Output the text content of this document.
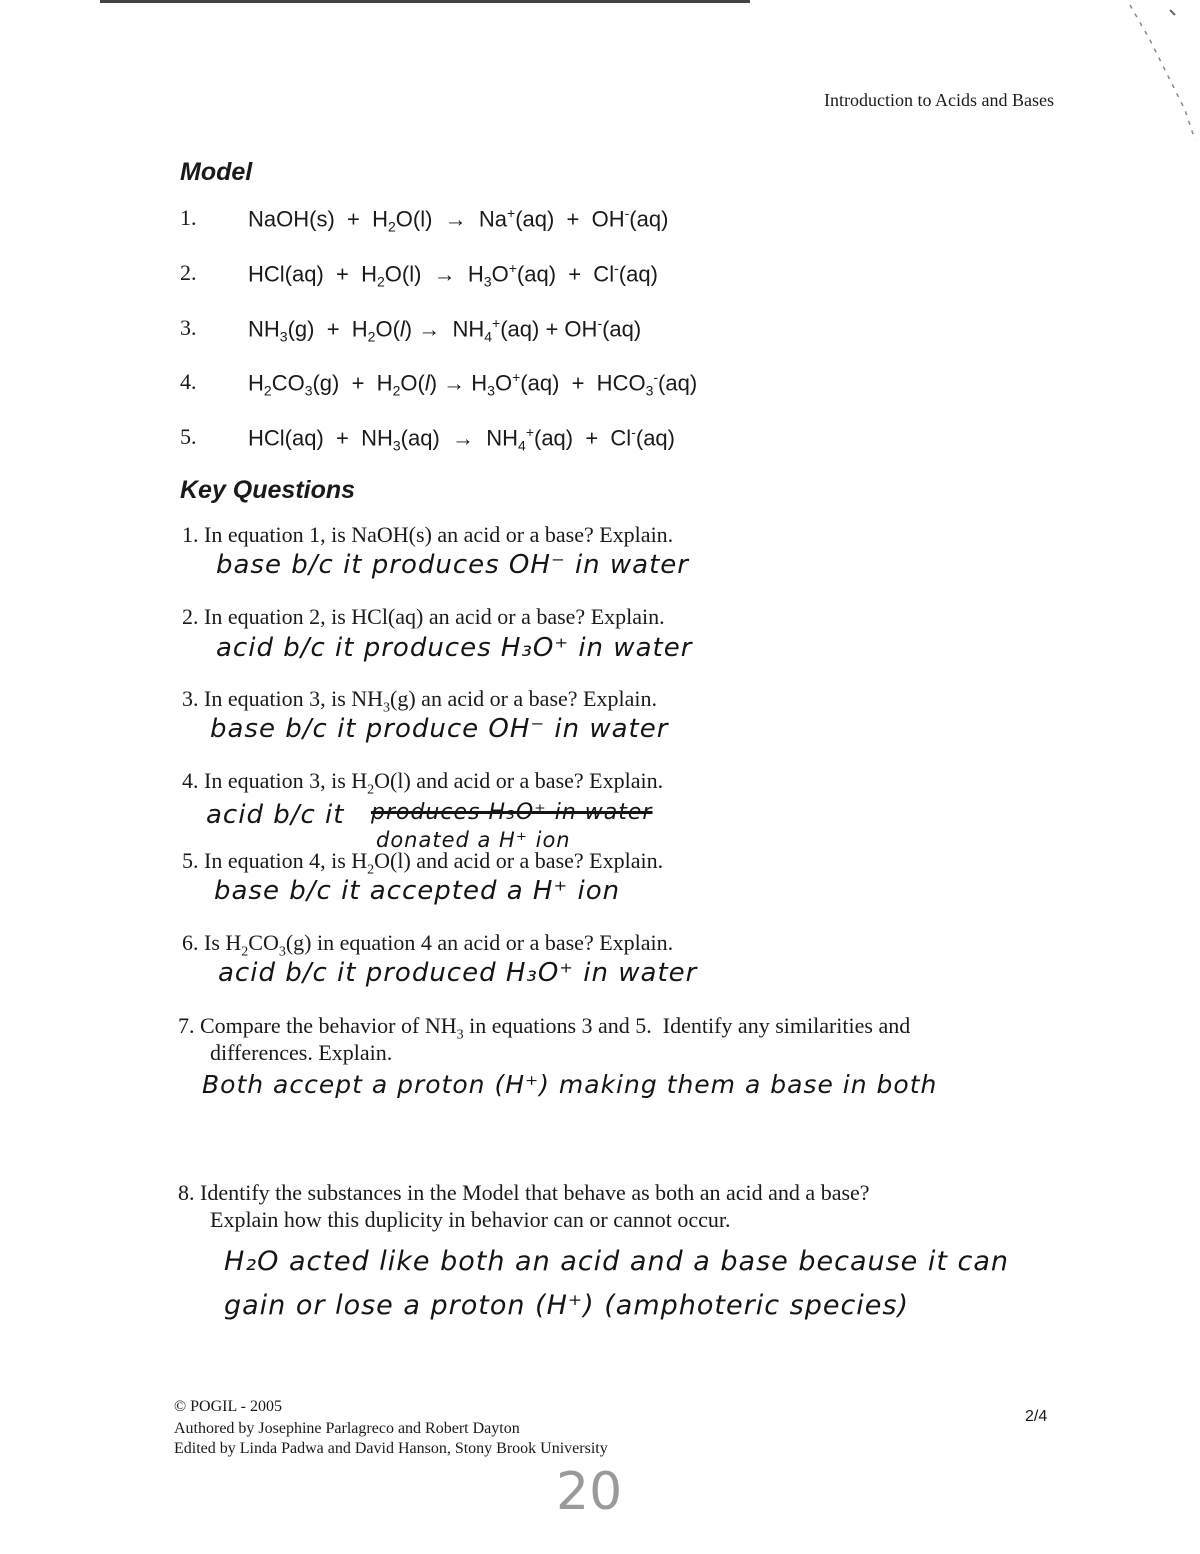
Introduction to Acids and Bases
Model
1. NaOH(s)  +  $H_2O(l) \to Na^+(aq) + OH^-(aq)$
2. $HCl(aq) + H_2O(l) \to H_3O^+(aq) + Cl^-(aq)$
3. $NH_3(g) + H_2O(l) \to NH_4^+(aq) + OH^-(aq)$
4. $H_2CO_3(g) + H_2O(l) \to H_3O^+(aq) + HCO_3^-(aq)$
5. $HCl(aq) + NH_3(aq) \to NH_4^+(aq) + Cl^-(aq)$
Key Questions
1. In equation 1, is NaOH(s) an acid or a base? Explain.
base b/c it produces OH⁻ in water
2. In equation 2, is HCl(aq) an acid or a base? Explain.
acid b/c it produces H₃O⁺ in water
3. In equation 3, is $NH_3(g)$ an acid or a base? Explain.
base b/c it produce OH⁻ in water
4. In equation 3, is $H_2O(l)$ and acid or a base? Explain.
acid b/c it produces H₃O⁺ in water
donated a H⁺ ion
5. In equation 4, is $H_2O(l)$ and acid or a base? Explain.
base b/c it accepted a H⁺ ion
6. Is $H_2CO_3(g)$ in equation 4 an acid or a base? Explain.
acid b/c it produced H₃O⁺ in water
7. Compare the behavior of $NH_3$ in equations 3 and 5.  Identify any similarities and
differences. Explain.
Both accept a proton (H⁺) making them a base in both
8. Identify the substances in the Model that behave as both an acid and a base?
Explain how this duplicity in behavior can or cannot occur.
H₂O acted like both an acid and a base because it can
gain or lose a proton (H⁺) (amphoteric species)
© POGIL - 2005
Authored by Josephine Parlagreco and Robert Dayton
Edited by Linda Padwa and David Hanson, Stony Brook University
2/4
20
